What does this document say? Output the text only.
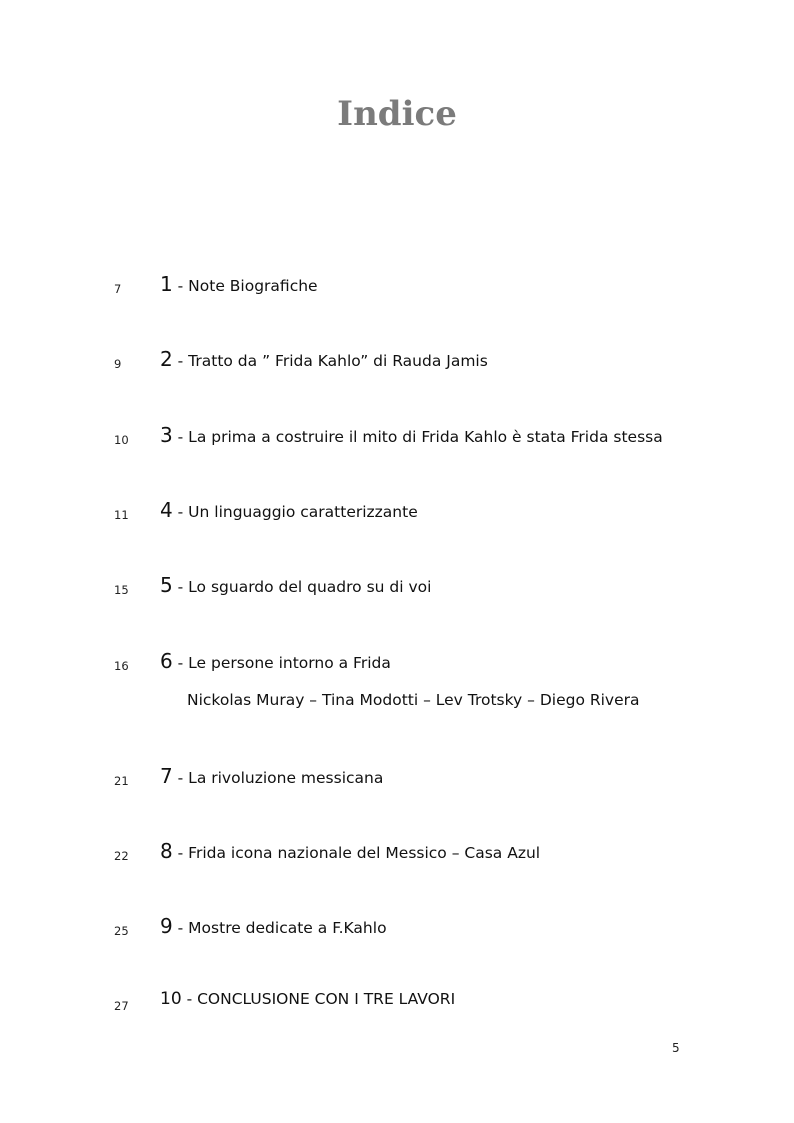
Indice
7 1 - Note Biografiche
9 2 - Tratto da ” Frida Kahlo” di Rauda Jamis
10 3 - La prima a costruire il mito di Frida Kahlo è stata Frida stessa
11 4 - Un linguaggio caratterizzante
15 5 - Lo sguardo del quadro su di voi
16 6 - Le persone intorno a Frida
Nickolas Muray – Tina Modotti – Lev Trotsky – Diego Rivera
21 7 - La rivoluzione messicana
22 8 - Frida icona nazionale del Messico – Casa Azul
25 9 - Mostre dedicate a F.Kahlo
27 10 - CONCLUSIONE CON I TRE LAVORI
5
